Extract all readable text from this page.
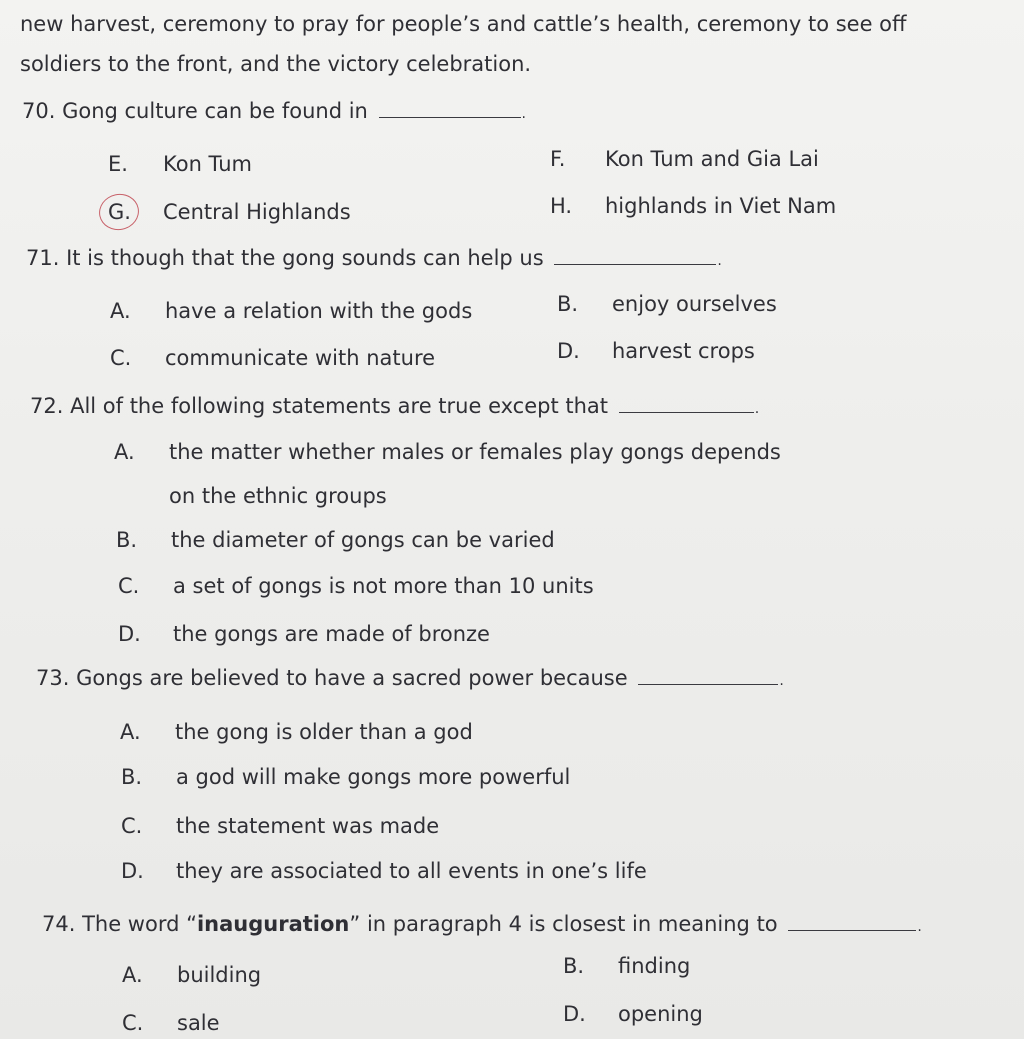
new harvest, ceremony to pray for people’s and cattle’s health, ceremony to see off
soldiers to the front, and the victory celebration.
70. Gong culture can be found in	.
E. Kon Tum	F. Kon Tum and Gia Lai
G. Central Highlands	H. highlands in Viet Nam
71. It is though that the gong sounds can help us	.
A. have a relation with the gods	B. enjoy ourselves
C. communicate with nature	D. harvest crops
72. All of the following statements are true except that	.
A. the matter whether males or females play gongs depends
on the ethnic groups
B. the diameter of gongs can be varied
C. a set of gongs is not more than 10 units
D. the gongs are made of bronze
73. Gongs are believed to have a sacred power because	.
A. the gong is older than a god
B. a god will make gongs more powerful
C. the statement was made
D. they are associated to all events in one’s life
74. The word “inauguration” in paragraph 4 is closest in meaning to	.
A. building	B. finding
C. sale	D. opening
